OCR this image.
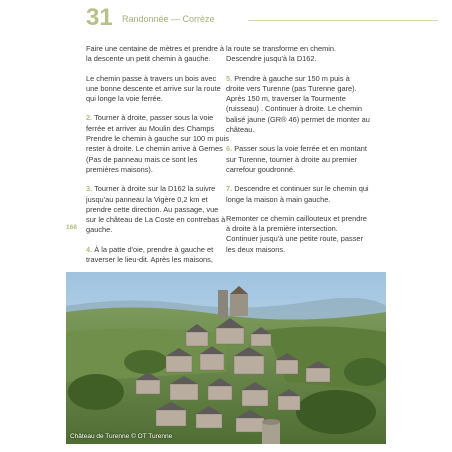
31 Randonnée — Corrèze

Faire une centaine de mètres et prendre à la descente un petit chemin à gauche.

Le chemin passe à travers un bois avec une bonne descente et arrive sur la route qui longe la voie ferrée.

2. Tourner à droite, passer sous la voie ferrée et arriver au Moulin des Champs Prendre le chemin à gauche sur 100 m puis rester à droite. Le chemin arrive à Gernes (Pas de panneau mais ce sont les premières maisons).

3. Tourner à droite sur la D162 la suivre jusqu'au panneau la Vigère 0,2 km et prendre cette direction. Au passage, vue sur le château de La Coste en contrebas à gauche.

4. À la patte d'oie, prendre à gauche et traverser le lieu-dit. Après les maisons,

168

la route se transforme en chemin. Descendre jusqu'à la D162.

5. Prendre à gauche sur 150 m puis à droite vers Turenne (pas Turenne gare). Après 150 m, traverser la Tourmente (ruisseau) . Continuer à droite. Le chemin balisé jaune (GR® 46) permet de monter au château.

6. Passer sous la voie ferrée et en montant sur Turenne, tourner à droite au premier carrefour goudronné.

7. Descendre et continuer sur le chemin qui longe la maison à main gauche.

Remonter ce chemin caillouteux et prendre à droite à la première intersection. Continuer jusqu'à une petite route, passer les deux maisons.

Château de Turenne © OT Turenne
